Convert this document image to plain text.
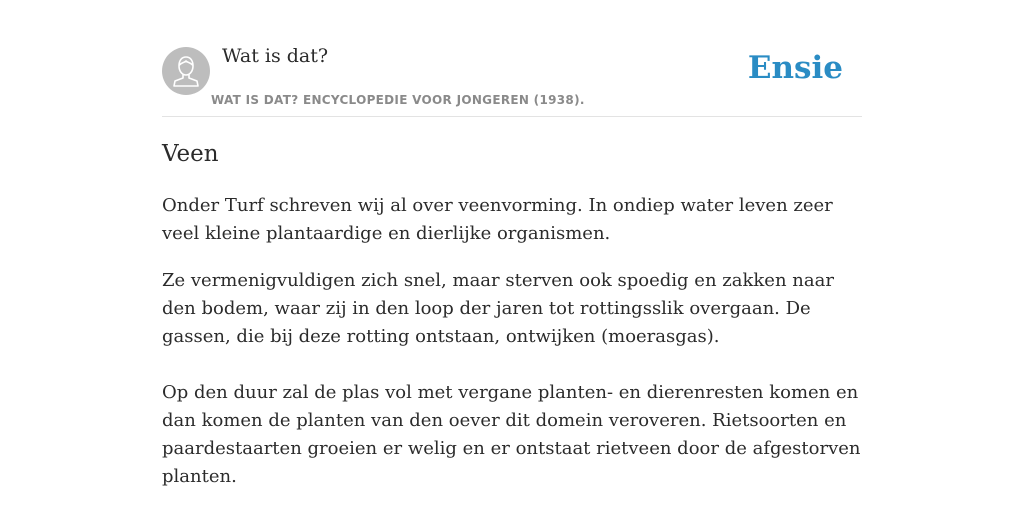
Wat is dat?
WAT IS DAT? ENCYCLOPEDIE VOOR JONGEREN (1938).
Ensie
Veen

Onder Turf schreven wij al over veenvorming. In ondiep water leven zeer veel kleine plantaardige en dierlijke organismen.

Ze vermenigvuldigen zich snel, maar sterven ook spoedig en zakken naar den bodem, waar zij in den loop der jaren tot rottingsslik overgaan. De gassen, die bij deze rotting ontstaan, ontwijken (moerasgas).

Op den duur zal de plas vol met vergane planten- en dierenresten komen en dan komen de planten van den oever dit domein veroveren. Rietsoorten en paardestaarten groeien er welig en er ontstaat rietveen door de afgestorven planten.
